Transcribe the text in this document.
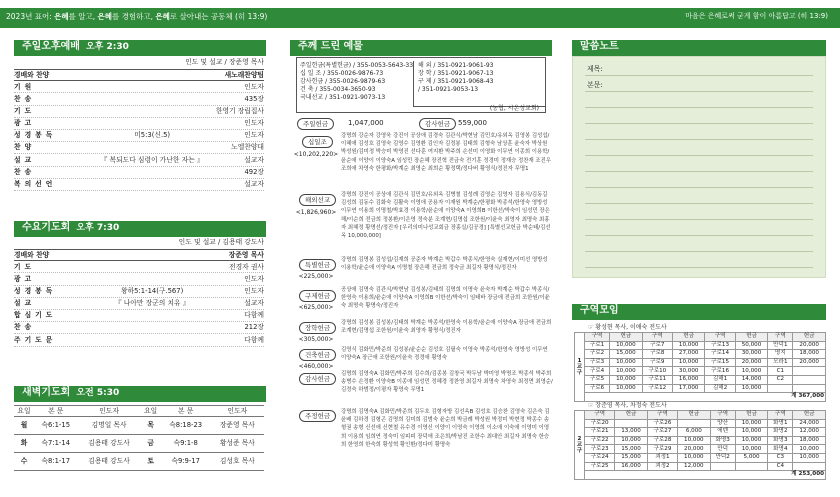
2023년 표어: 은혜를 알고, 은혜를 경험하고, 은혜로 살아내는 공동체 (히 13:9)	마음은 은혜로써 굳게 함이 아름답고 (히 13:9)
주일오후예배 오후 2:30
인도 및 설교 / 장준영 목사
경배와 찬양	새노래찬양팀
기원	인도자
찬송	435장
기도	한영기 장립집사
광고	인도자
성경봉독	미5:3(신.5)	인도자
찬양	노엘찬양대
설교	『 복되도다 심령이 가난한 자는 』	설교자
찬송	492장
복의선언	설교자
수요기도회 오후 7:30
인도 및 설교 / 김용태 강도사
경배와 찬양	장준영 목사
기도	전경자 권사
광고	인도자
성경봉독	왕하5:1-14(구.567)	인도자
설교	『 나아만 장군의 치유 』	설교자
합심기도	다함께
찬송	212장
주기도문	다함께
새벽기도회 오전 5:30
요일	본 문	인도자	요일	본 문	인도자
월	슥6:1-15	김명일 목사	목	슥8:18-23	장준영 목사
화	슥7:1-14	김용태 강도사	금	슥9:1-8	황성준 목사
수	슥8:1-17	김용태 강도사	토	슥9:9-17	김성호 목사
주께 드린 예물
주일헌금(특별헌금) / 355-0053-5643-33
십 일 조 / 355-0026-9876-73
감사헌금 / 355-0026-9879-63
건 축 / 355-0034-3650-93
국내선교 / 351-0921-9073-13
해 외 / 351-0921-9061-93
장 학 / 351-0921-9067-13
구 제 / 351-0921-9068-43
/ 351-0921-9053-13
(농협, 시온성교회)
주일헌금	1,047,000	감사헌금	559,000
십일조
<10,202,220>
강명희 강순자 강영욱 강진이 공상애 김경숙 김관식/박현남 김민호/유외옥 김영봉 김성섭/이혜애 김성호 김영숙 김영수 김영환 김인자 김정봉 김태희 김형숙 남상훈 윤숙자 박상원 박성원/김미정 박승미 박영진 선다훈 여지환 박주희 손선미 이영화 이무연 이종희 이용학/윤순애 이양이 이양숙A 임성민 장순혜 장진혁 전금숙 전기훈 정경미 정재승 정찬재 조진우 조희애 차영숙 한평화/박계순 최영순 최희순 황정택/정다버 황영식/정진자 무명1
해외선교
<1,826,960>
강명희 강진이 공상애 김관식 김민호/유외옥 김병철 김성례 김영순 김영자 김용식/김동길 김성희 김동수 김화숙 김활숙 이영애 공용자 이재원 박계순/한평화 박종석/한영숙 영방성 이무연 이용희 이명철/박효경 이용학/윤순애 이양숙A 이영희B 이한선/박숙이 임성민 장은해/이순희 전금희 정봉환/이은영 정숙분 조계현/김명섭 조한원/이윤숙 최영자 최명숙 최홍자 최혜정 황명선/정진자 [우리의미나성교회금 장홍실/김공경] [특별선교헌금 박순태/김선옥 10,000,000]
특별헌금
<225,000>
강명희 김명봉 김성섭/김재희 공준자 박계순 박갑수 박종식/한영숙 실재현/이미선 영방성 이용학/윤순애 이양숙A 이명철 장은해 전금희 정숙금 최길자 황명식/정진자
구제헌금
<625,000>
공상애 김명숙 김관식/박현남 김성봉/김태희 김명희 이명숙 윤숙자 박계순 박갑수 박종식/한영숙 이용희/윤순애 이양숙A 이영희B 이한선/박숙이 임태바 장금애 전금희 조한원/이윤숙 최명숙 황명숙/정진자
장학헌금
<305,000>
강명희 김성봉 김성봉/김태희 박계순 박종석/한영숙 이용학/윤순애 이양숙A 장금애 전금희 조계현/김명섭 조한원/이윤숙 최영자 황명식/정진자
건축헌금
<460,000>
김영식 김화민/박준희 김성봉/윤순순 김성호 김필숙 이영숙 박종석/한영숙 영방성 이무연 이양숙A 장근애 조한원/이윤숙 정경애 황영숙
감사헌금
김명희 김영숙A 김화민/박주희 김수희/김종봉 김창국 박두남 박미영 박명조 박종석 박주희 송병수 손정환 이양숙B 이종애 임성민 정혜경 정찬영 최길자 최명숙 차영숙 최정면 최영순/김정숙 하범정/이평자 황영숙 무명1
주정헌금	강명희 김명숙A 김화민/박준희 김두호 김형자방 김선옥B 김성호 김승찬 김영숙 김은숙 김윤배 김하경 김형곤 김명희 김미희 김범숙 윤순희 박금례 박성원 박정미 박현정 박종수 송형권 송형 신선애 신현철 유수경 이영신 이양이 이영숙 이영희 이소애 이숙애 이영미 이영희 이용희 임희연 정숙미 임피피 장덕애 조은희/박남진 조한수 최대안 최길자 최명숙 한승희 한영희 한숙희 황성혁 황인환/정다미 황명숙
말씀노트
제목:
본문:
구역모임
☞ 황성현 목사, 이애숙 전도사
1 교 구	구역	헌금	구역	헌금	구역	헌금	구역	헌금
	구로1	10,000	구로7	10,000	구로13	50,000	만덕1	20,000
	구로2	15,000	구로8	27,000	구로14	30,000	명지	18,000
	구로3	10,000	구로9	10,000	구로15	20,000	모라1	20,000
	구로4	10,000	구로10	30,000	구로16	10,000	C1	
	구로5	10,000	구로11	16,000	김해1	14,000	C2	
	구로6	10,000	구로12	17,000	김해2	10,000		
	계 367,000							
☞ 장준영 목사, 차정숙 전도사
2 교 구	구역	헌금	구역	헌금	구역	헌금	구역	헌금
	구로20		구로26		양산	10,000	화명1	24,000
	구로21	13,000	구로27	6,000	에덴	10,000	화명2	12,000
	구로22	10,000	구로28	10,000	화명3	10,000	화명3	18,000
	구로23	15,000	구로29	20,000	만덕	10,000	화명4	10,000
	구로24	15,000	괴정1	10,000	만덕2	5,000	C3	10,000
	구로25	16,000	괴정2	12,000			C4	
	계 253,000							
